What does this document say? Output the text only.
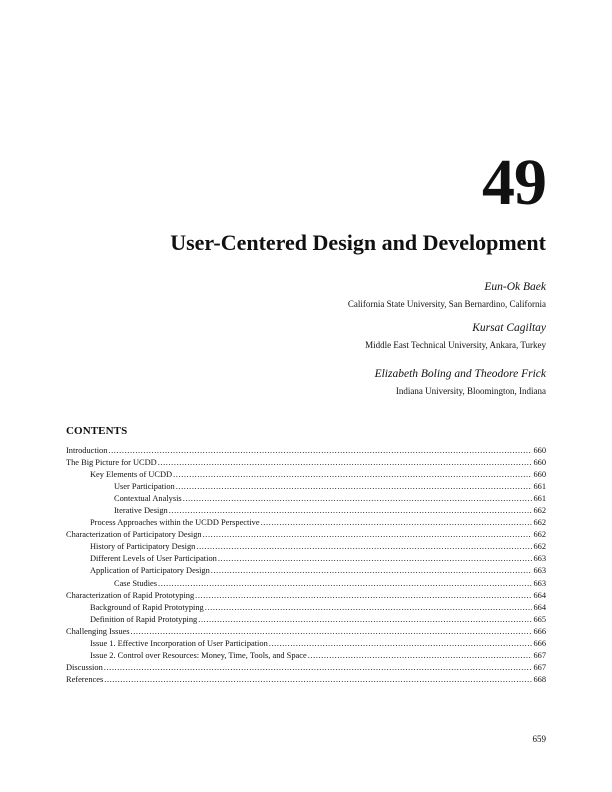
49
User-Centered Design and Development
Eun-Ok Baek
California State University, San Bernardino, California
Kursat Cagiltay
Middle East Technical University, Ankara, Turkey
Elizabeth Boling and Theodore Frick
Indiana University, Bloomington, Indiana
CONTENTS
Introduction .....	660
The Big Picture for UCDD .....	660
Key Elements of UCDD .....	660
User Participation .....	661
Contextual Analysis .....	661
Iterative Design .....	662
Process Approaches within the UCDD Perspective .....	662
Characterization of Participatory Design .....	662
History of Participatory Design .....	662
Different Levels of User Participation .....	663
Application of Participatory Design .....	663
Case Studies .....	663
Characterization of Rapid Prototyping .....	664
Background of Rapid Prototyping .....	664
Definition of Rapid Prototyping .....	665
Challenging Issues .....	666
Issue 1. Effective Incorporation of User Participation .....	666
Issue 2. Control over Resources: Money, Time, Tools, and Space .....	667
Discussion .....	667
References .....	668
659
